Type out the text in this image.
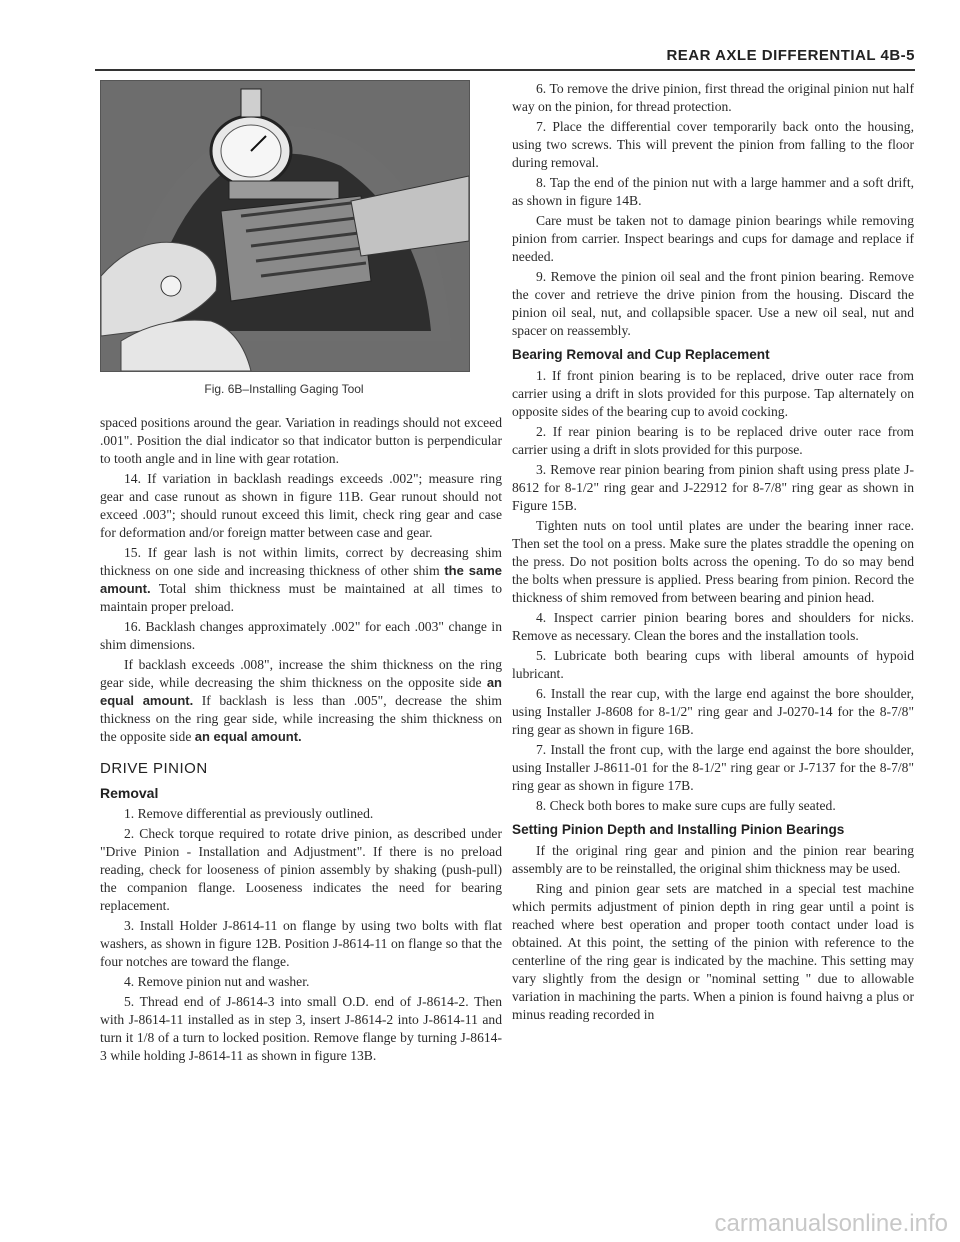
REAR AXLE DIFFERENTIAL 4B-5
Fig. 6B–Installing Gaging Tool

spaced positions around the gear. Variation in readings should not exceed .001". Position the dial indicator so that indicator button is perpendicular to tooth angle and in line with gear rotation.

14. If variation in backlash readings exceeds .002"; measure ring gear and case runout as shown in figure 11B. Gear runout should not exceed .003"; should runout exceed this limit, check ring gear and case for deformation and/or foreign matter between case and gear.

15. If gear lash is not within limits, correct by decreasing shim thickness on one side and increasing thickness of other shim the same amount. Total shim thickness must be maintained at all times to maintain proper preload.

16. Backlash changes approximately .002" for each .003" change in shim dimensions.

If backlash exceeds .008", increase the shim thickness on the ring gear side, while decreasing the shim thickness on the opposite side an equal amount. If backlash is less than .005", decrease the shim thickness on the ring gear side, while increasing the shim thickness on the opposite side an equal amount.

DRIVE PINION
Removal

1. Remove differential as previously outlined.

2. Check torque required to rotate drive pinion, as described under "Drive Pinion - Installation and Adjustment". If there is no preload reading, check for looseness of pinion assembly by shaking (push-pull) the companion flange. Looseness indicates the need for bearing replacement.

3. Install Holder J-8614-11 on flange by using two bolts with flat washers, as shown in figure 12B. Position J-8614-11 on flange so that the four notches are toward the flange.

4. Remove pinion nut and washer.

5. Thread end of J-8614-3 into small O.D. end of J-8614-2. Then with J-8614-11 installed as in step 3, insert J-8614-2 into J-8614-11 and turn it 1/8 of a turn to locked position. Remove flange by turning J-8614-3 while holding J-8614-11 as shown in figure 13B.

6. To remove the drive pinion, first thread the original pinion nut half way on the pinion, for thread protection.

7. Place the differential cover temporarily back onto the housing, using two screws. This will prevent the pinion from falling to the floor during removal.

8. Tap the end of the pinion nut with a large hammer and a soft drift, as shown in figure 14B.

Care must be taken not to damage pinion bearings while removing pinion from carrier. Inspect bearings and cups for damage and replace if needed.

9. Remove the pinion oil seal and the front pinion bearing. Remove the cover and retrieve the drive pinion from the housing. Discard the pinion oil seal, nut, and collapsible spacer. Use a new oil seal, nut and spacer on reassembly.

Bearing Removal and Cup Replacement

1. If front pinion bearing is to be replaced, drive outer race from carrier using a drift in slots provided for this purpose. Tap alternately on opposite sides of the bearing cup to avoid cocking.

2. If rear pinion bearing is to be replaced drive outer race from carrier using a drift in slots provided for this purpose.

3. Remove rear pinion bearing from pinion shaft using press plate J-8612 for 8-1/2" ring gear and J-22912 for 8-7/8" ring gear as shown in Figure 15B.

Tighten nuts on tool until plates are under the bearing inner race. Then set the tool on a press. Make sure the plates straddle the opening on the press. Do not position bolts across the opening. To do so may bend the bolts when pressure is applied. Press bearing from pinion. Record the thickness of shim removed from between bearing and pinion head.

4. Inspect carrier pinion bearing bores and shoulders for nicks. Remove as necessary. Clean the bores and the installation tools.

5. Lubricate both bearing cups with liberal amounts of hypoid lubricant.

6. Install the rear cup, with the large end against the bore shoulder, using Installer J-8608 for 8-1/2" ring gear and J-0270-14 for the 8-7/8" ring gear as shown in figure 16B.

7. Install the front cup, with the large end against the bore shoulder, using Installer J-8611-01 for the 8-1/2" ring gear or J-7137 for the 8-7/8" ring gear as shown in figure 17B.

8. Check both bores to make sure cups are fully seated.

Setting Pinion Depth and Installing Pinion Bearings

If the original ring gear and pinion and the pinion rear bearing assembly are to be reinstalled, the original shim thickness may be used.

Ring and pinion gear sets are matched in a special test machine which permits adjustment of pinion depth in ring gear until a point is reached where best operation and proper tooth contact under load is obtained. At this point, the setting of the pinion with reference to the centerline of the ring gear is indicated by the machine. This setting may vary slightly from the design or "nominal setting " due to allowable variation in machining the parts. When a pinion is found haivng a plus or minus reading recorded in

carmanualsonline.info
